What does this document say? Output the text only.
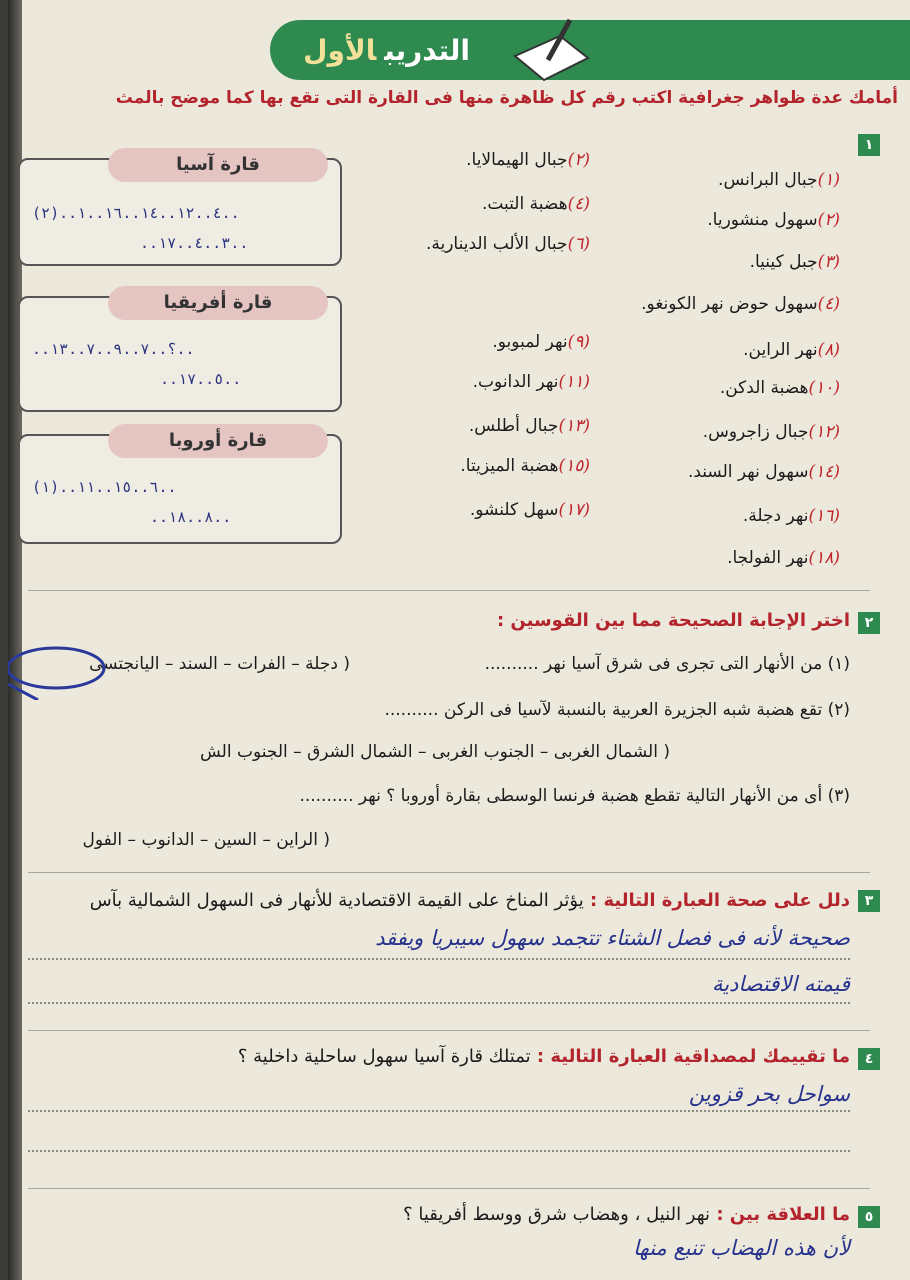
التدريبالأول
أمامك عدة ظواهر جغرافية اكتب رقم كل ظاهرة منها فى القارة التى تقع بها كما موضح بالمث
١
(١)جبال البرانس.
(٢)سهول منشوريا.
(٣)جبل كينيا.
(٤)سهول حوض نهر الكونغو.
(٨)نهر الراين.
(١٠)هضبة الدكن.
(١٢)جبال زاجروس.
(١٤)سهول نهر السند.
(١٦)نهر دجلة.
(١٨)نهر الفولجا.
(٢)جبال الهيمالايا.
(٤)هضبة التبت.
(٦)جبال الألب الدينارية.
(٩)نهر لمبوبو.
(١١)نهر الدانوب.
(١٣)جبال أطلس.
(١٥)هضبة الميزيتا.
(١٧)سهل كلنشو.
قارة آسيا
(٢)..٤..١٢..١٤..١٦..١..
..٣..٤..١٧..
قارة أفريقيا
..؟..٧..٩..٧..١٣..
..٥..١٧..
قارة أوروبا
(١)..٦..١٥..١١..
..٨..١٨..
٢
اختر الإجابة الصحيحة مما بين القوسين :
(١) من الأنهار التى تجرى فى شرق آسيا نهر ..........
( دجلة – الفرات – السند – اليانجتسى
(٢) تقع هضبة شبه الجزيرة العربية بالنسبة لآسيا فى الركن ..........
( الشمال الغربى – الجنوب الغربى – الشمال الشرق – الجنوب الش
(٣) أى من الأنهار التالية تقطع هضبة فرنسا الوسطى بقارة أوروبا ؟ نهر ..........
( الراين – السين – الدانوب – الفول
٣
دلل على صحة العبارة التالية : يؤثر المناخ على القيمة الاقتصادية للأنهار فى السهول الشمالية بآس
صحيحة لأنه فى فصل الشتاء تتجمد سهول سيبريا ويفقد
قيمته الاقتصادية
٤
ما تقييمك لمصداقية العبارة التالية : تمتلك قارة آسيا سهول ساحلية داخلية ؟
سواحل بحر قزوين
٥
ما العلاقة بين : نهر النيل ، وهضاب شرق ووسط أفريقيا ؟
لأن هذه الهضاب تنبع منها
